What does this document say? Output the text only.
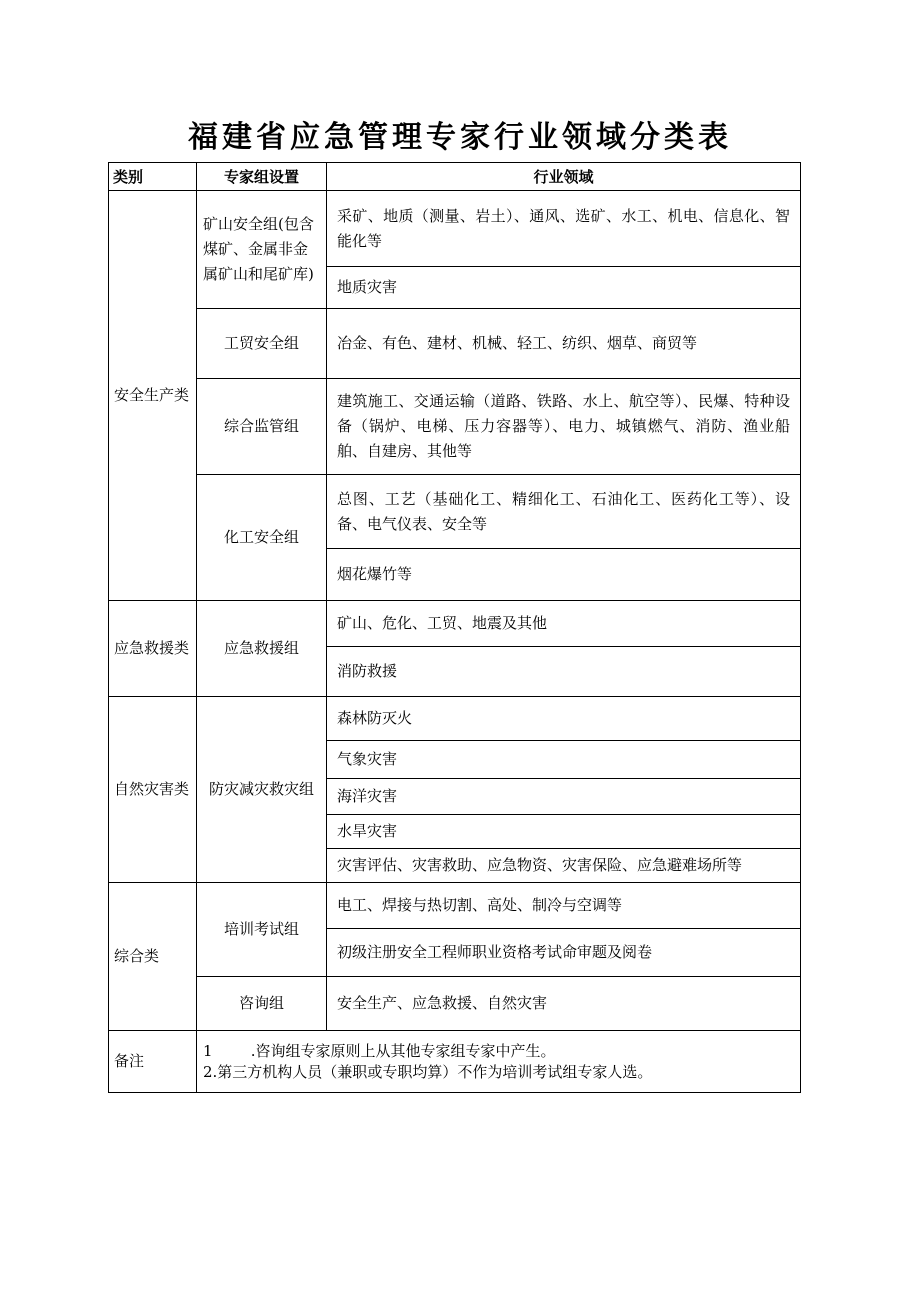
福建省应急管理专家行业领域分类表
类别	专家组设置	行业领域
安全生产类	矿山安全组(包含煤矿、金属非金属矿山和尾矿库)	采矿、地质（测量、岩土）、通风、选矿、水工、机电、信息化、智能化等
		地质灾害
	工贸安全组	冶金、有色、建材、机械、轻工、纺织、烟草、商贸等
	综合监管组	建筑施工、交通运输（道路、铁路、水上、航空等）、民爆、特种设备（锅炉、电梯、压力容器等）、电力、城镇燃气、消防、渔业船舶、自建房、其他等
	化工安全组	总图、工艺（基础化工、精细化工、石油化工、医药化工等）、设备、电气仪表、安全等
		烟花爆竹等
应急救援类	应急救援组	矿山、危化、工贸、地震及其他
		消防救援
自然灾害类	防灾减灾救灾组	森林防灭火
		气象灾害
		海洋灾害
		水旱灾害
		灾害评估、灾害救助、应急物资、灾害保险、应急避难场所等
综合类	培训考试组	电工、焊接与热切割、高处、制冷与空调等
		初级注册安全工程师职业资格考试命审题及阅卷
	咨询组	安全生产、应急救援、自然灾害
备注	1        .咨询组专家原则上从其他专家组专家中产生。
2.第三方机构人员（兼职或专职均算）不作为培训考试组专家人选。	
